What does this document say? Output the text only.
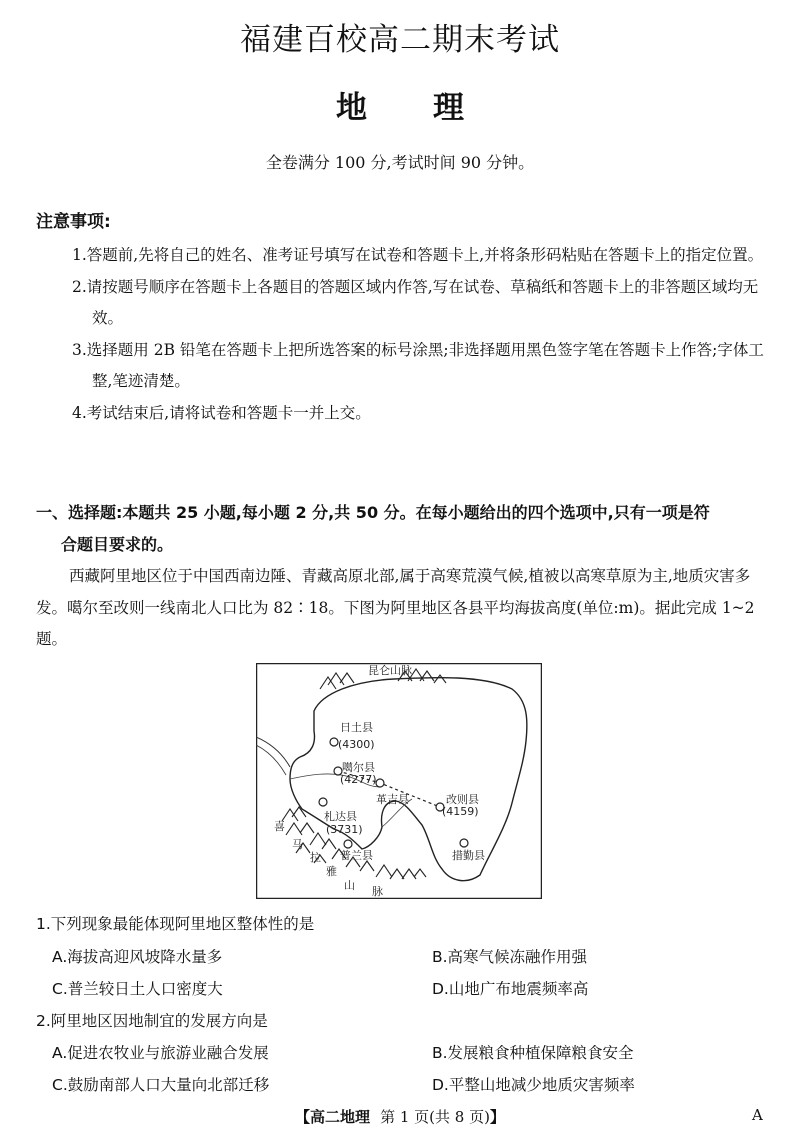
福建百校高二期末考试
地 理
全卷满分 100 分,考试时间 90 分钟。
注意事项:
1.答题前,先将自己的姓名、准考证号填写在试卷和答题卡上,并将条形码粘贴在答题卡上的指定位置。
2.请按题号顺序在答题卡上各题目的答题区域内作答,写在试卷、草稿纸和答题卡上的非答题区域均无效。
3.选择题用 2B 铅笔在答题卡上把所选答案的标号涂黑;非选择题用黑色签字笔在答题卡上作答;字体工整,笔迹清楚。
4.考试结束后,请将试卷和答题卡一并上交。
一、选择题:本题共 25 小题,每小题 2 分,共 50 分。在每小题给出的四个选项中,只有一项是符
合题目要求的。
西藏阿里地区位于中国西南边陲、青藏高原北部,属于高寒荒漠气候,植被以高寒草原为主,地质灾害多发。噶尔至改则一线南北人口比为 82∶18。下图为阿里地区各县平均海拔高度(单位:m)。据此完成 1~2 题。
昆仑山脉
日土县
(4300)
噶尔县
(4277)
革吉县	改则县
(4159)
札达县
(3731)
普兰县	措勤县
喜
马
拉
雅
山 脉
1.下列现象最能体现阿里地区整体性的是
A.海拔高迎风坡降水量多	B.高寒气候冻融作用强
C.普兰较日土人口密度大	D.山地广布地震频率高
2.阿里地区因地制宜的发展方向是
A.促进农牧业与旅游业融合发展	B.发展粮食种植保障粮食安全
C.鼓励南部人口大量向北部迁移	D.平整山地减少地质灾害频率
【高二地理 第 1 页(共 8 页)】	A
